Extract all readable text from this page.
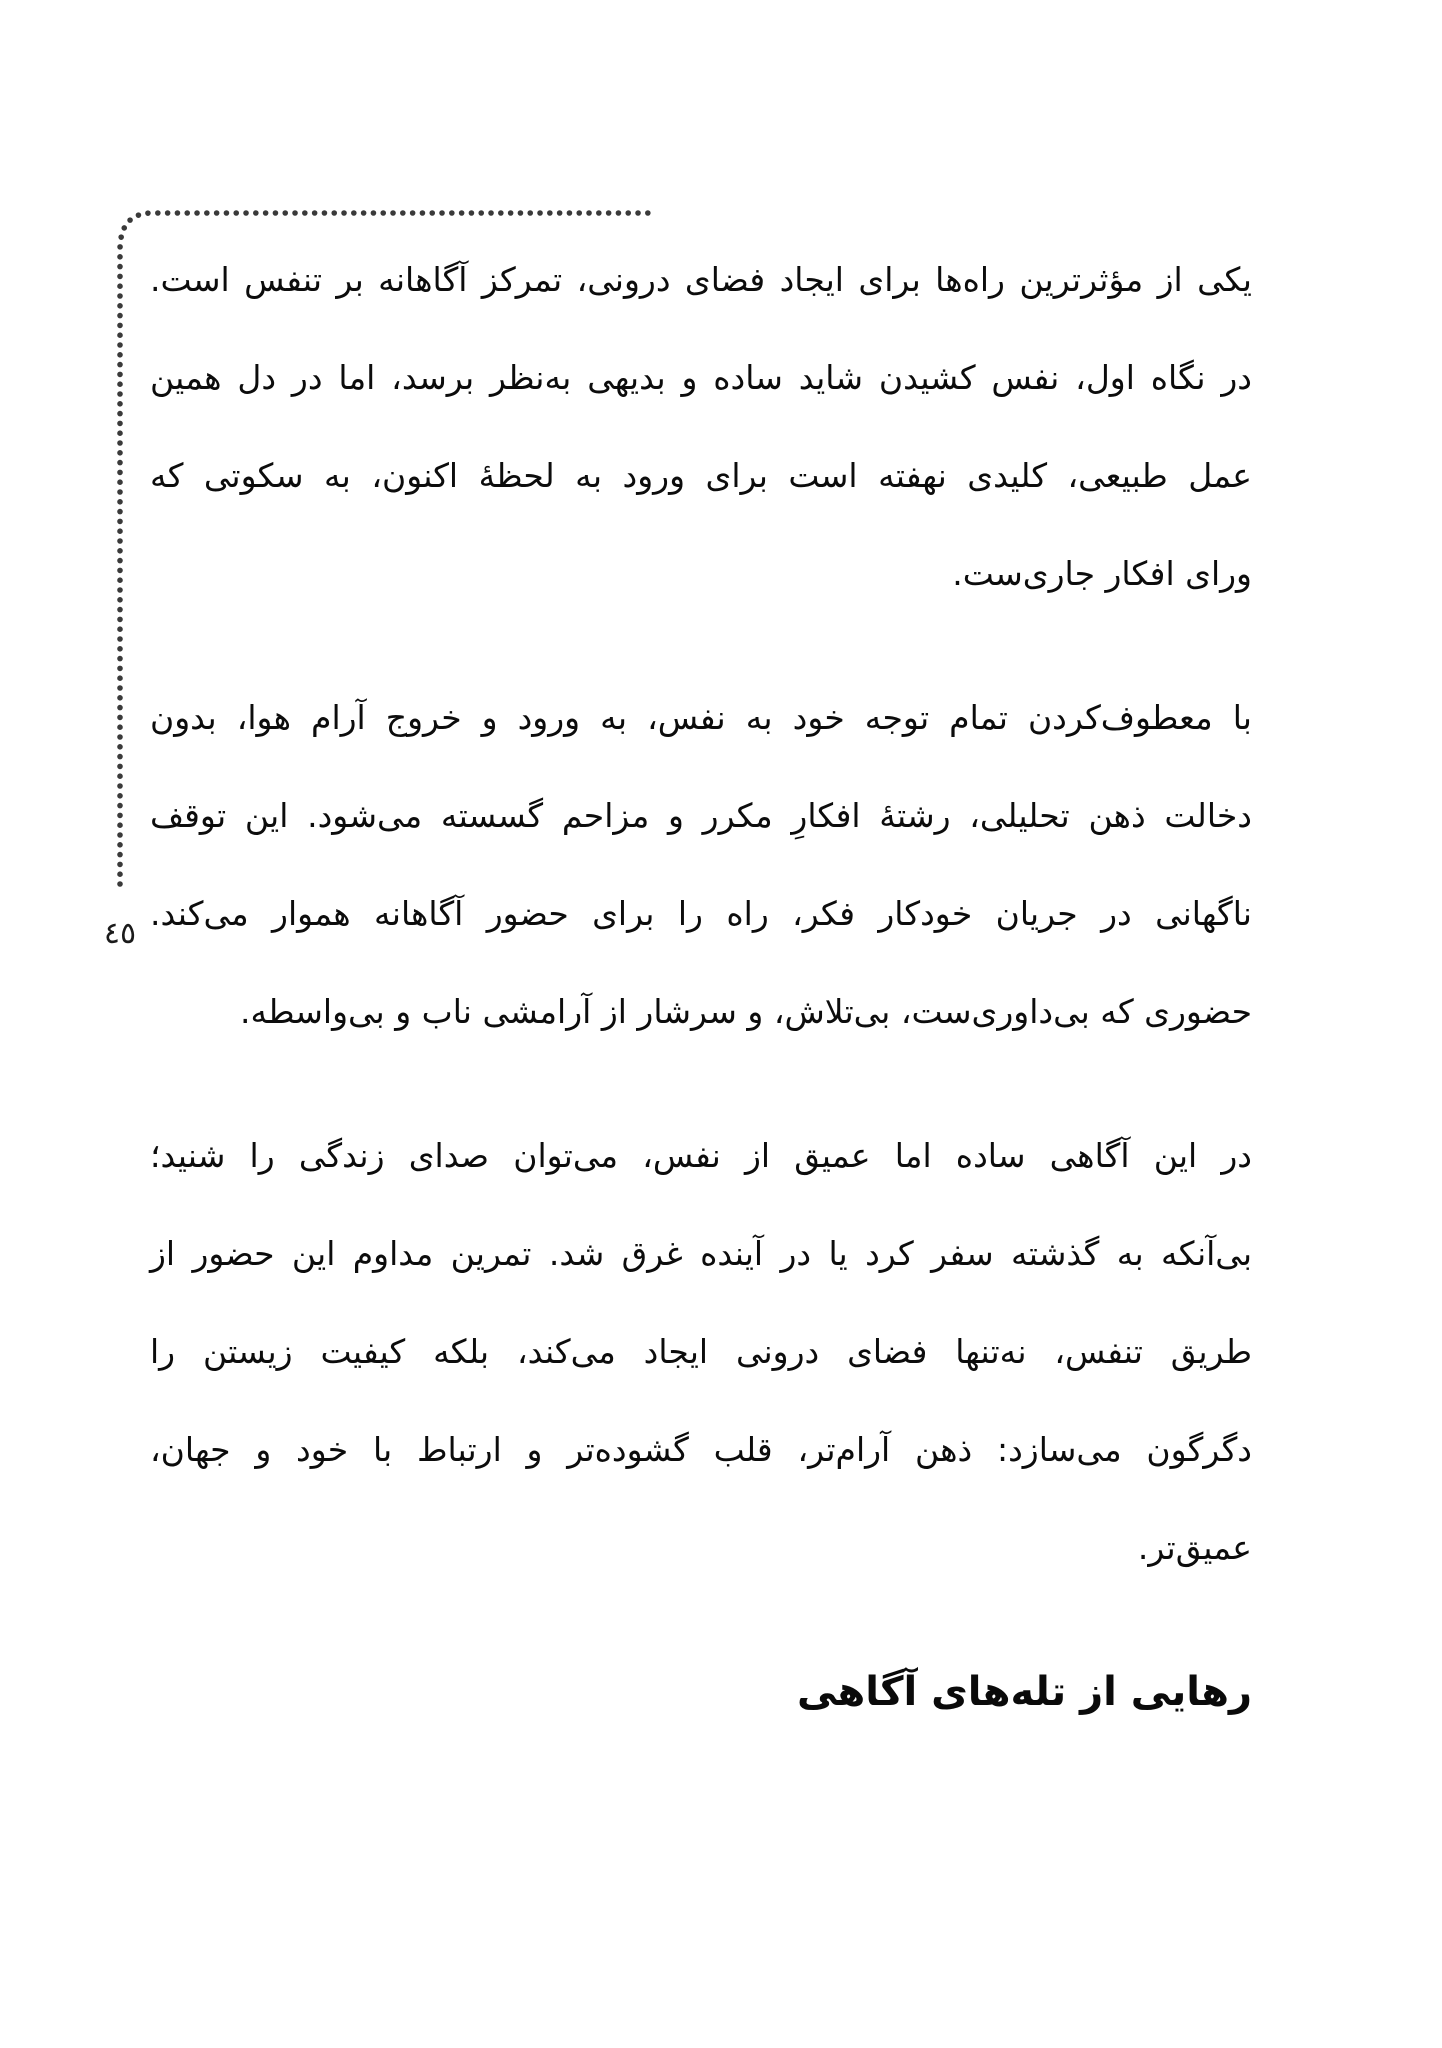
٤٥

یکی از مؤثرترین راه‌ها برای ایجاد فضای درونی، تمرکز آگاهانه بر تنفس است.
در نگاه اول، نفس کشیدن شاید ساده و بدیهی به‌نظر برسد، اما در دل همین
عمل طبیعی، کلیدی نهفته است برای ورود به لحظهٔ اکنون، به سکوتی که
ورای افکار جاری‌ست.

با معطوف‌کردن تمام توجه خود به نفس، به ورود و خروج آرام هوا، بدون
دخالت ذهن تحلیلی، رشتهٔ افکارِ مکرر و مزاحم گسسته می‌شود. این توقف
ناگهانی در جریان خودکار فکر، راه را برای حضور آگاهانه هموار می‌کند.
حضوری که بی‌داوری‌ست، بی‌تلاش، و سرشار از آرامشی ناب و بی‌واسطه.

در این آگاهی ساده اما عمیق از نفس، می‌توان صدای زندگی را شنید؛
بی‌آنکه به گذشته سفر کرد یا در آینده غرق شد. تمرین مداوم این حضور از
طریق تنفس، نه‌تنها فضای درونی ایجاد می‌کند، بلکه کیفیت زیستن را
دگرگون می‌سازد: ذهن آرام‌تر، قلب گشوده‌تر و ارتباط با خود و جهان،
عمیق‌تر.

رهایی از تله‌های آگاهی
